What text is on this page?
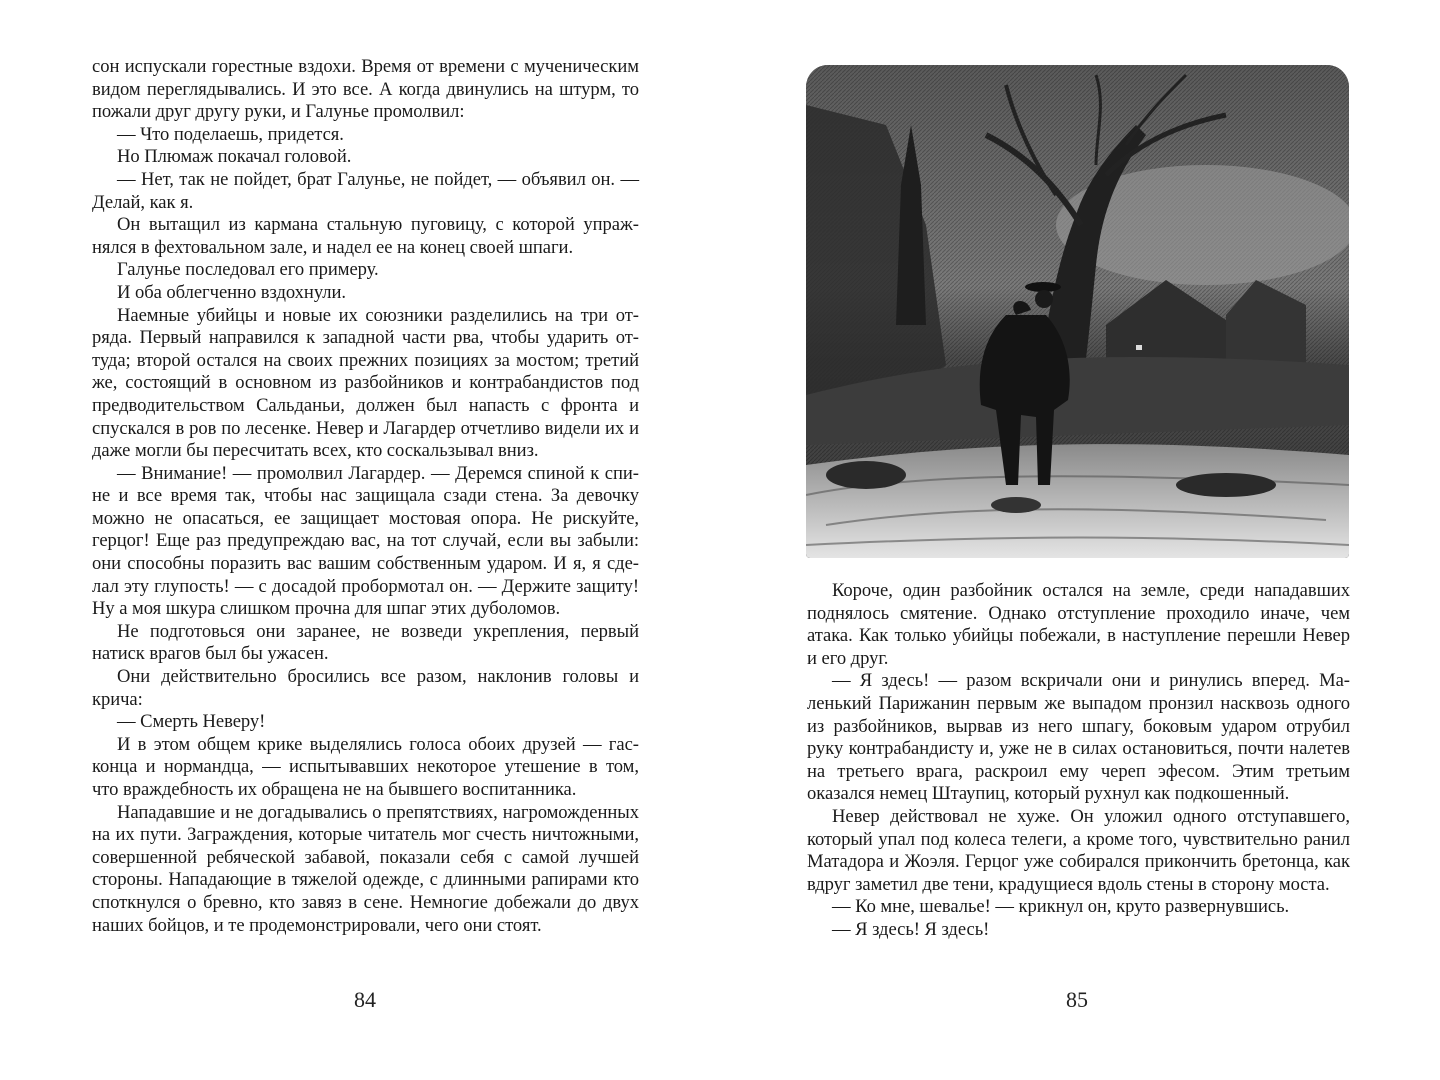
сон испускали горестные вздохи. Время от времени с мученическим видом переглядывались. И это все. А когда двинулись на штурм, то пожали друг другу руки, и Галунье промолвил:

— Что поделаешь, придется.

Но Плюмаж покачал головой.

— Нет, так не пойдет, брат Галунье, не пойдет, — объявил он. — Делай, как я.

Он вытащил из кармана стальную пуговицу, с которой упражнялся в фехтовальном зале, и надел ее на конец своей шпаги.

Галунье последовал его примеру.

И оба облегченно вздохнули.

Наемные убийцы и новые их союзники разделились на три отряда. Первый направился к западной части рва, чтобы ударить оттуда; второй остался на своих прежних позициях за мостом; третий же, состоящий в основном из разбойников и контрабандистов под предводительством Сальданьи, должен был напасть с фронта и спускался в ров по лесенке. Невер и Лагардер отчетливо видели их и даже могли бы пересчитать всех, кто соскальзывал вниз.

— Внимание! — промолвил Лагардер. — Деремся спиной к спине и все время так, чтобы нас защищала сзади стена. За девочку можно не опасаться, ее защищает мостовая опора. Не рискуйте, герцог! Еще раз предупреждаю вас, на тот случай, если вы забыли: они способны поразить вас вашим собственным ударом. И я, я сделал эту глупость! — с досадой пробормотал он. — Держите защиту! Ну а моя шкура слишком прочна для шпаг этих дуболомов.

Не подготовься они заранее, не возведи укрепления, первый натиск врагов был бы ужасен.

Они действительно бросились все разом, наклонив головы и крича:

— Смерть Неверу!

И в этом общем крике выделялись голоса обоих друзей — гасконца и нормандца, — испытывавших некоторое утешение в том, что враждебность их обращена не на бывшего воспитанника.

Нападавшие и не догадывались о препятствиях, нагроможденных на их пути. Заграждения, которые читатель мог счесть ничтожными, совершенной ребяческой забавой, показали себя с самой лучшей стороны. Нападающие в тяжелой одежде, с длинными рапирами кто споткнулся о бревно, кто завяз в сене. Немногие добежали до двух наших бойцов, и те продемонстрировали, чего они стоят.

84

Короче, один разбойник остался на земле, среди нападавших поднялось смятение. Однако отступление проходило иначе, чем атака. Как только убийцы побежали, в наступление перешли Невер и его друг.

— Я здесь! — разом вскричали они и ринулись вперед. Маленький Парижанин первым же выпадом пронзил насквозь одного из разбойников, вырвав из него шпагу, боковым ударом отрубил руку контрабандисту и, уже не в силах остановиться, почти налетев на третьего врага, раскроил ему череп эфесом. Этим третьим оказался немец Штаупиц, который рухнул как подкошенный.

Невер действовал не хуже. Он уложил одного отступавшего, который упал под колеса телеги, а кроме того, чувствительно ранил Матадора и Жоэля. Герцог уже собирался прикончить бретонца, как вдруг заметил две тени, крадущиеся вдоль стены в сторону моста.

— Ко мне, шевалье! — крикнул он, круто развернувшись.

— Я здесь! Я здесь!

85
